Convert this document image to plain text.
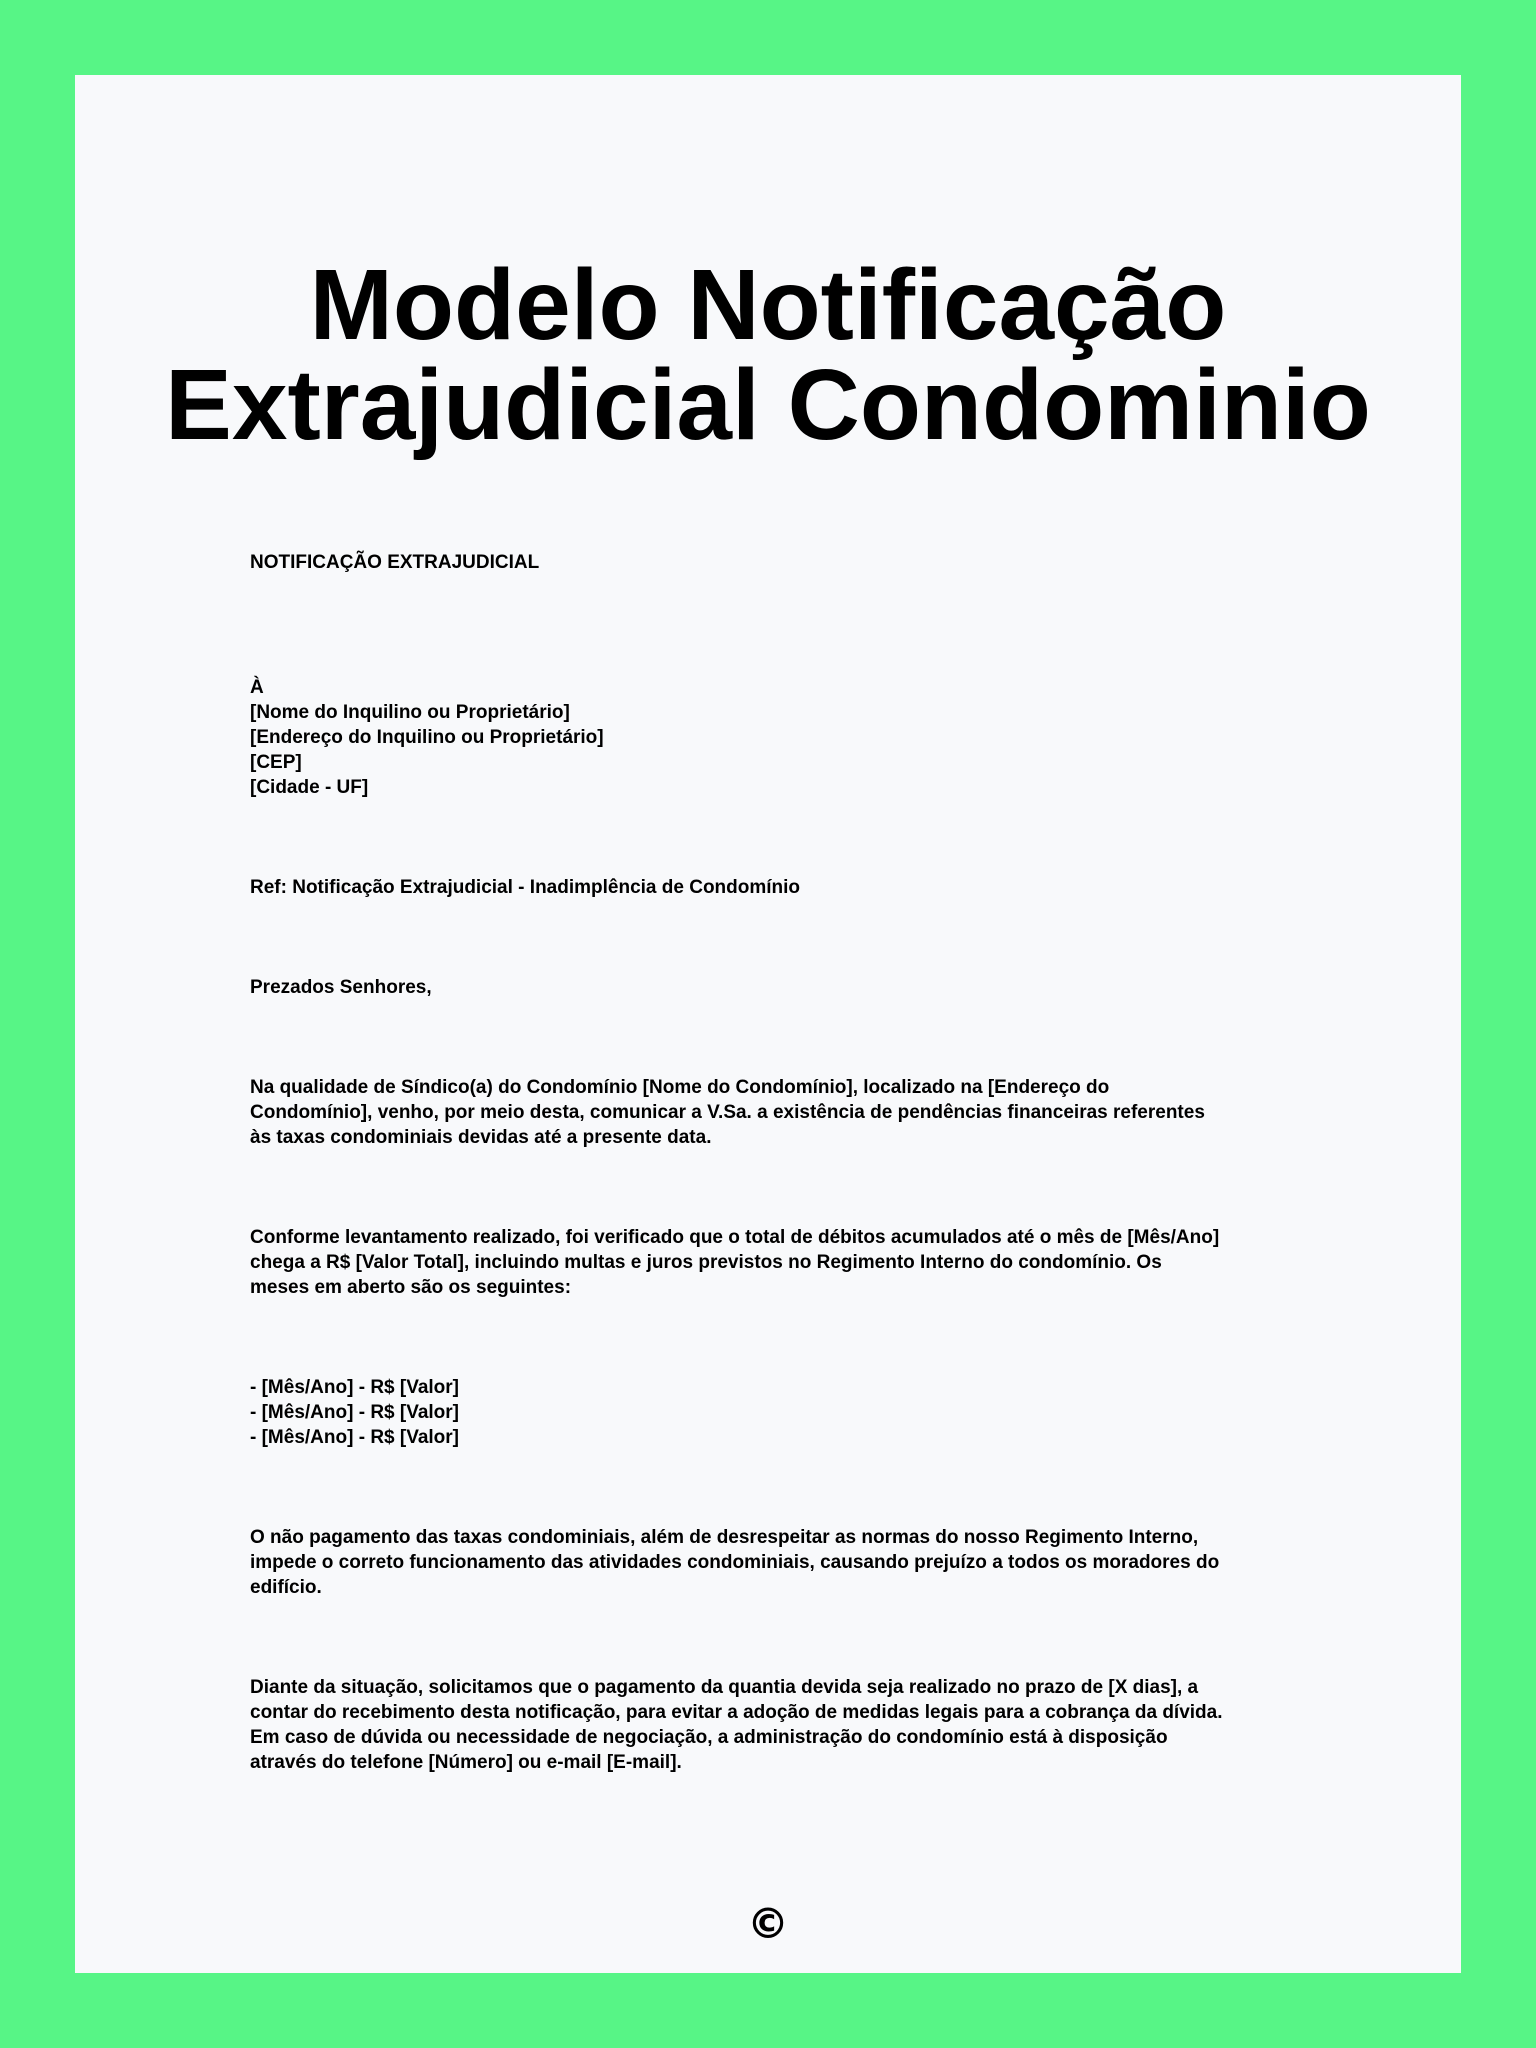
Modelo Notificação
Extrajudicial Condominio

NOTIFICAÇÃO EXTRAJUDICIAL

À
[Nome do Inquilino ou Proprietário]
[Endereço do Inquilino ou Proprietário]
[CEP]
[Cidade - UF]

Ref: Notificação Extrajudicial - Inadimplência de Condomínio

Prezados Senhores,

Na qualidade de Síndico(a) do Condomínio [Nome do Condomínio], localizado na [Endereço do
Condomínio], venho, por meio desta, comunicar a V.Sa. a existência de pendências financeiras referentes
às taxas condominiais devidas até a presente data.

Conforme levantamento realizado, foi verificado que o total de débitos acumulados até o mês de [Mês/Ano]
chega a R$ [Valor Total], incluindo multas e juros previstos no Regimento Interno do condomínio. Os
meses em aberto são os seguintes:

- [Mês/Ano] - R$ [Valor]
- [Mês/Ano] - R$ [Valor]
- [Mês/Ano] - R$ [Valor]

O não pagamento das taxas condominiais, além de desrespeitar as normas do nosso Regimento Interno,
impede o correto funcionamento das atividades condominiais, causando prejuízo a todos os moradores do
edifício.

Diante da situação, solicitamos que o pagamento da quantia devida seja realizado no prazo de [X dias], a
contar do recebimento desta notificação, para evitar a adoção de medidas legais para a cobrança da dívida.
Em caso de dúvida ou necessidade de negociação, a administração do condomínio está à disposição
através do telefone [Número] ou e-mail [E-mail].

©
